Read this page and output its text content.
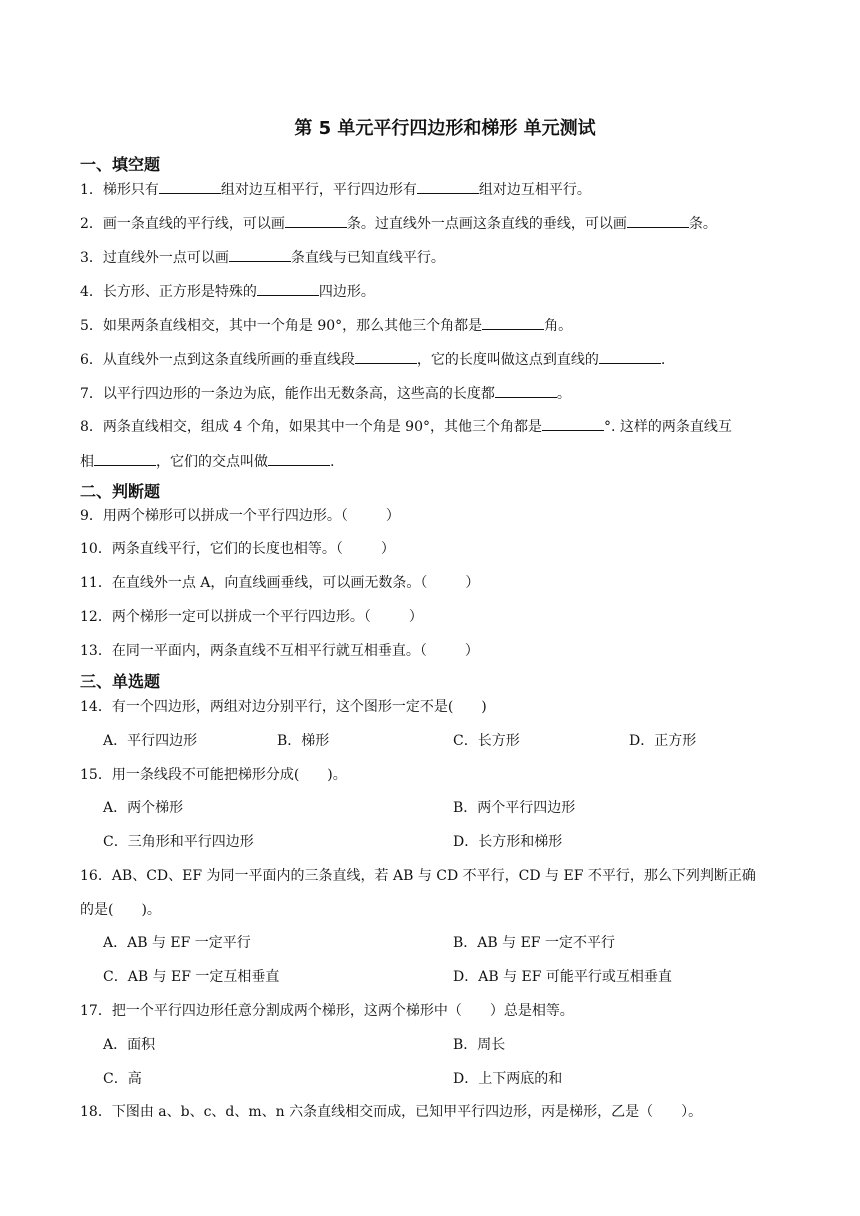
第 5 单元平行四边形和梯形 单元测试
一、填空题
1．梯形只有	组对边互相平行，平行四边形有	组对边互相平行。
2．画一条直线的平行线，可以画	条。过直线外一点画这条直线的垂线，可以画	条。
3．过直线外一点可以画	条直线与已知直线平行。
4．长方形、正方形是特殊的	四边形。
5．如果两条直线相交，其中一个角是 90°，那么其他三个角都是	角。
6．从直线外一点到这条直线所画的垂直线段	，它的长度叫做这点到直线的	.
7．以平行四边形的一条边为底，能作出无数条高，这些高的长度都	。
8．两条直线相交，组成 4 个角，如果其中一个角是 90°，其他三个角都是	°. 这样的两条直线互
相	，它们的交点叫做	.
二、判断题
9．用两个梯形可以拼成一个平行四边形。（	）
10．两条直线平行，它们的长度也相等。（	）
11．在直线外一点 A，向直线画垂线，可以画无数条。（	）
12．两个梯形一定可以拼成一个平行四边形。（	）
13．在同一平面内，两条直线不互相平行就互相垂直。（	）
三、单选题
14．有一个四边形，两组对边分别平行，这个图形一定不是(　　)
A．平行四边形	B．梯形	C．长方形	D．正方形
15．用一条线段不可能把梯形分成(　　)。
A．两个梯形	B．两个平行四边形
C．三角形和平行四边形	D．长方形和梯形
16．AB、CD、EF 为同一平面内的三条直线，若 AB 与 CD 不平行，CD 与 EF 不平行，那么下列判断正确
的是(　　)。
A．AB 与 EF 一定平行	B．AB 与 EF 一定不平行
C．AB 与 EF 一定互相垂直	D．AB 与 EF 可能平行或互相垂直
17．把一个平行四边形任意分割成两个梯形，这两个梯形中（　　）总是相等。
A．面积	B．周长
C．高	D．上下两底的和
18．下图由 a、b、c、d、m、n 六条直线相交而成，已知甲平行四边形，丙是梯形，乙是（　　）。
